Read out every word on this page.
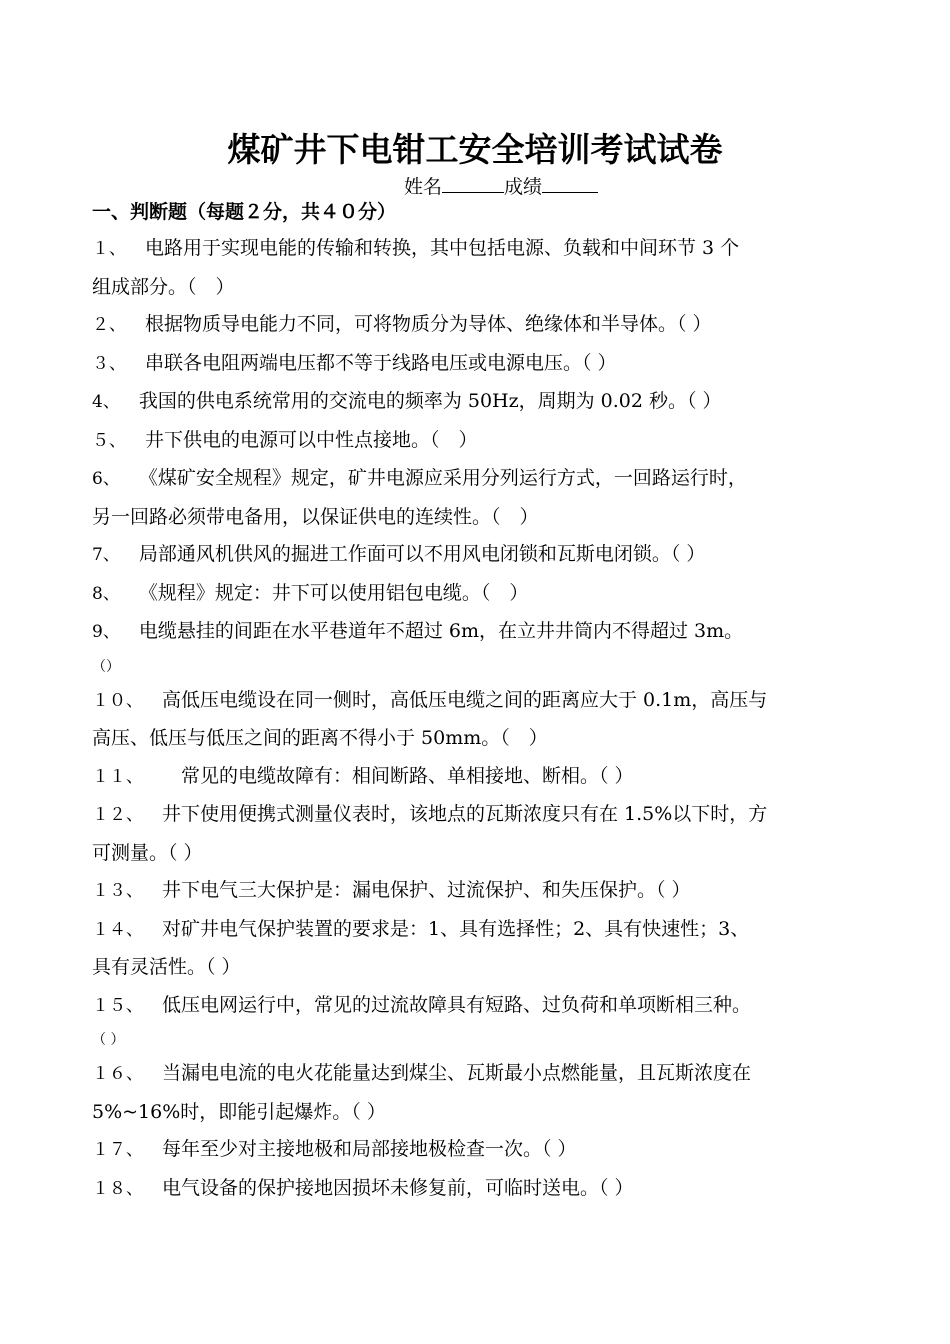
煤矿井下电钳工安全培训考试试卷
姓名	成绩
一、判断题（每题２分，共４０分）
１、  电路用于实现电能的传输和转换，其中包括电源、负载和中间环节 3 个
组成部分。（　）
２、  根据物质导电能力不同，可将物质分为导体、绝缘体和半导体。（ ）
３、  串联各电阻两端电压都不等于线路电压或电源电压。（ ）
4、  我国的供电系统常用的交流电的频率为 50Hz，周期为 0.02 秒。（ ）
５、  井下供电的电源可以中性点接地。（　）
6、  《煤矿安全规程》规定，矿井电源应采用分列运行方式，一回路运行时，
另一回路必须带电备用，以保证供电的连续性。（　）
7、  局部通风机供风的掘进工作面可以不用风电闭锁和瓦斯电闭锁。（ ）
8、  《规程》规定：井下可以使用铝包电缆。（　）
9、  电缆悬挂的间距在水平巷道年不超过 6m，在立井井筒内不得超过 3m。
（）
１０、  高低压电缆设在同一侧时，高低压电缆之间的距离应大于 0.1m，高压与
高压、低压与低压之间的距离不得小于 50mm。（　）
１１、 　常见的电缆故障有：相间断路、单相接地、断相。（ ）
１２、  井下使用便携式测量仪表时，该地点的瓦斯浓度只有在 1.5%以下时，方
可测量。（ ）
１３、  井下电气三大保护是：漏电保护、过流保护、和失压保护。（ ）
１４、  对矿井电气保护装置的要求是：1、具有选择性；2、具有快速性；3、
具有灵活性。（ ）
１５、  低压电网运行中，常见的过流故障具有短路、过负荷和单项断相三种。
（ ）
１６、  当漏电电流的电火花能量达到煤尘、瓦斯最小点燃能量，且瓦斯浓度在
5%~16%时，即能引起爆炸。（ ）
１７、  每年至少对主接地极和局部接地极检查一次。（ ）
１８、  电气设备的保护接地因损坏未修复前，可临时送电。（ ）
